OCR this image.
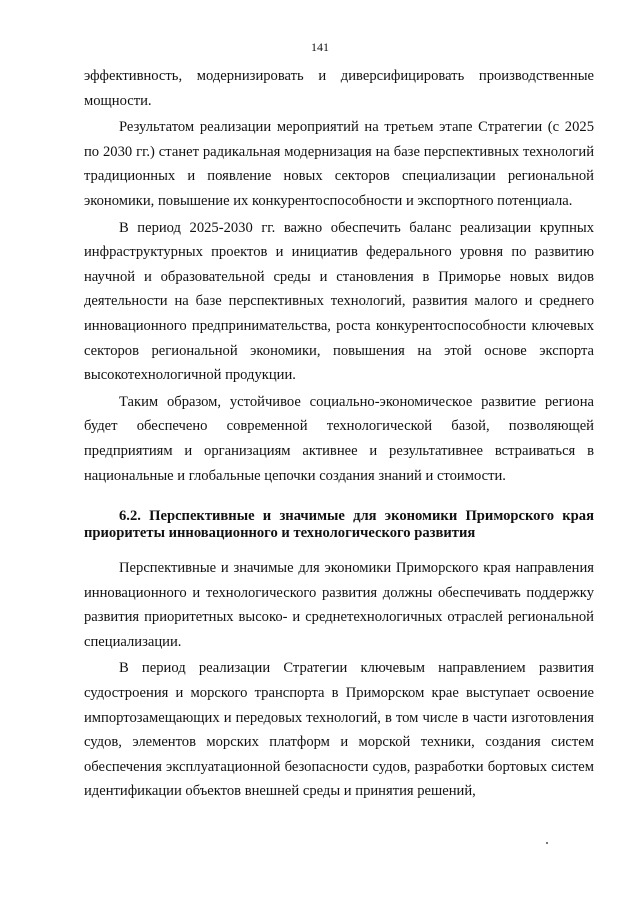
141

эффективность, модернизировать и диверсифицировать производственные мощности.

Результатом реализации мероприятий на третьем этапе Стратегии (с 2025 по 2030 гг.) станет радикальная модернизация на базе перспективных технологий традиционных и появление новых секторов специализации региональной экономики, повышение их конкурентоспособности и экспортного потенциала.

В период 2025-2030 гг. важно обеспечить баланс реализации крупных инфраструктурных проектов и инициатив федерального уровня по развитию научной и образовательной среды и становления в Приморье новых видов деятельности на базе перспективных технологий, развития малого и среднего инновационного предпринимательства, роста конкурентоспособности ключевых секторов региональной экономики, повышения на этой основе экспорта высокотехнологичной продукции.

Таким образом, устойчивое социально-экономическое развитие региона будет обеспечено современной технологической базой, позволяющей предприятиям и организациям активнее и результативнее встраиваться в национальные и глобальные цепочки создания знаний и стоимости.

6.2. Перспективные и значимые для экономики Приморского края приоритеты инновационного и технологического развития

Перспективные и значимые для экономики Приморского края направления инновационного и технологического развития должны обеспечивать поддержку развития приоритетных высоко- и среднетехнологичных отраслей региональной специализации.

В период реализации Стратегии ключевым направлением развития судостроения и морского транспорта в Приморском крае выступает освоение импортозамещающих и передовых технологий, в том числе в части изготовления судов, элементов морских платформ и морской техники, создания систем обеспечения эксплуатационной безопасности судов, разработки бортовых систем идентификации объектов внешней среды и принятия решений,
